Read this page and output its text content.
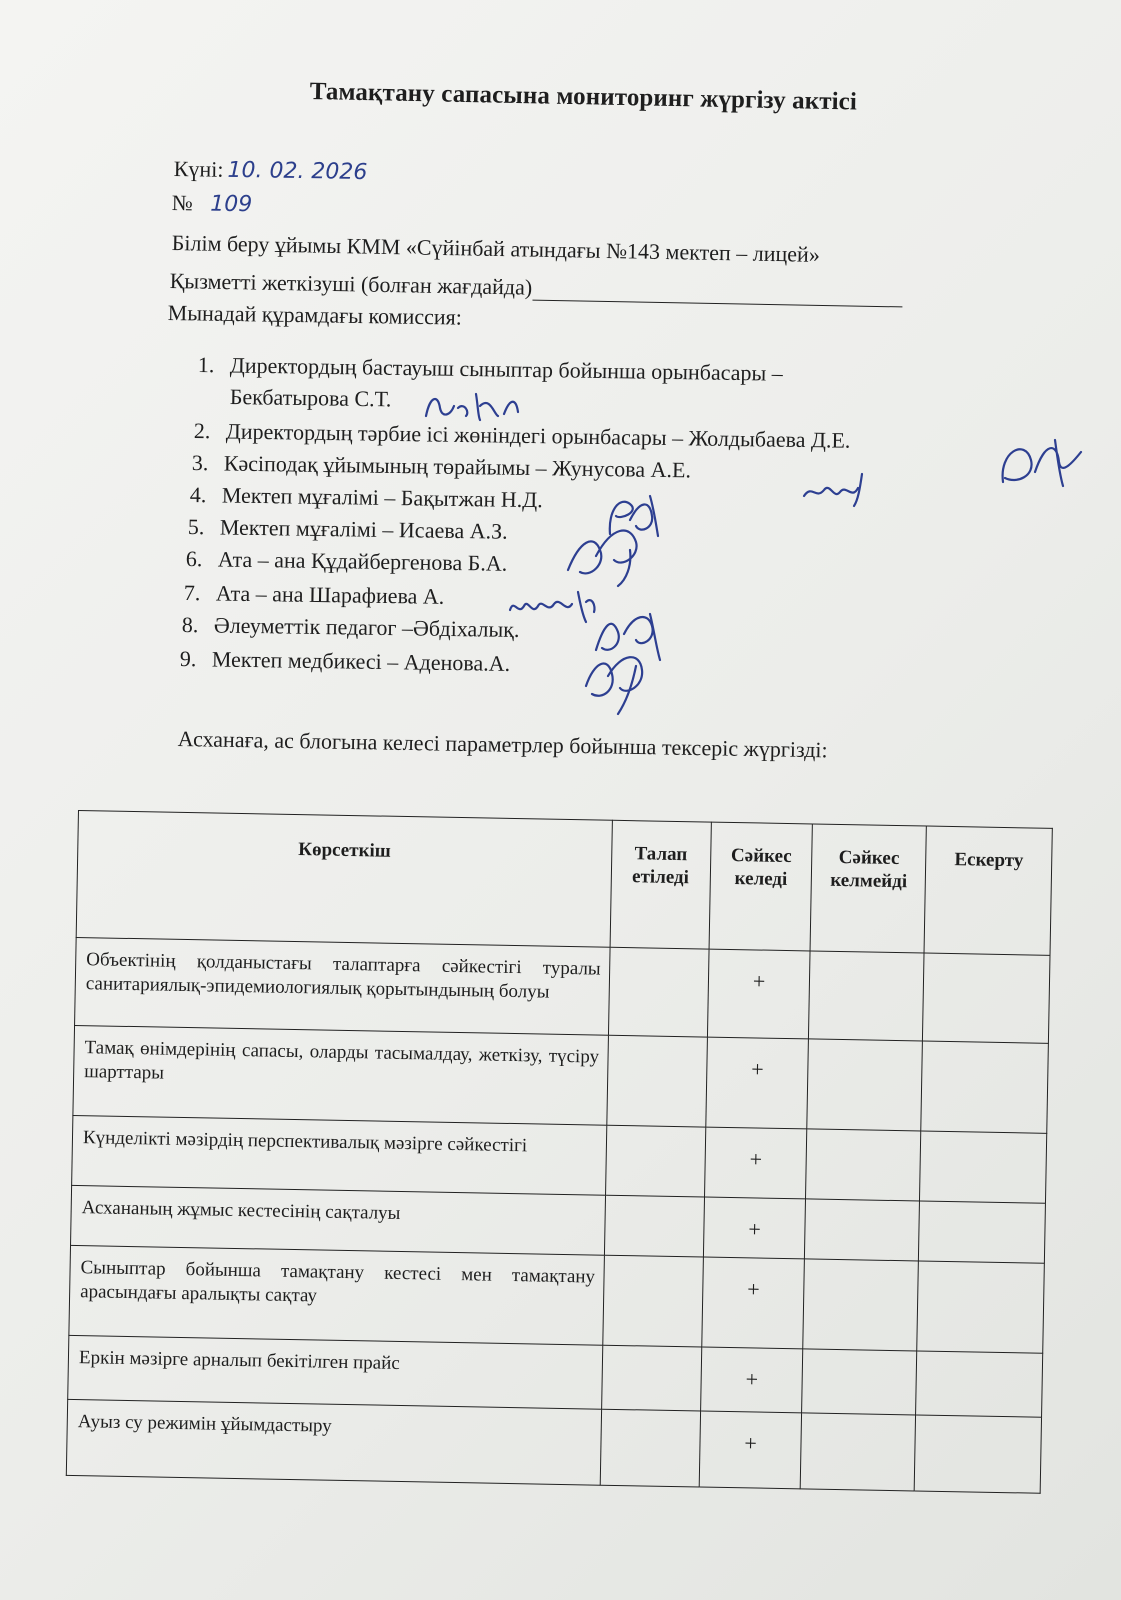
Тамақтану сапасына мониторинг жүргізу актісі
Күні: 10. 02. 2026
№ 109
Білім беру ұйымы КММ «Сүйінбай атындағы №143 мектеп – лицей»
Қызметті жеткізуші (болған жағдайда)
Мынадай құрамдағы комиссия:
1. Директордың бастауыш сыныптар бойынша орынбасары –
Бекбатырова С.Т.
2. Директордың тәрбие ісі жөніндегі орынбасары – Жолдыбаева Д.Е.
3. Кәсіподақ ұйымының төрайымы – Жунусова А.Е.
4. Мектеп мұғалімі – Бақытжан Н.Д.
5. Мектеп мұғалімі – Исаева А.З.
6. Ата – ана Құдайбергенова Б.А.
7. Ата – ана Шарафиева А.
8. Әлеуметтік педагог –Әбдіхалық.
9. Мектеп медбикесі – Аденова.А.
Асханаға, ас блогына келесі параметрлер бойынша тексеріс жүргізді:
Көрсеткіш	Талап етіледі	Сәйкес келеді	Сәйкес келмейді	Ескерту
Объектінің қолданыстағы талаптарға сәйкестігі туралы санитариялық-эпидемиологиялық қорытындының болуы		+		
Тамақ өнімдерінің сапасы, оларды тасымалдау, жеткізу, түсіру шарттары		+		
Күнделікті мәзірдің перспективалық мәзірге сәйкестігі		+		
Асхананың жұмыс кестесінің сақталуы		+		
Сыныптар бойынша тамақтану кестесі мен тамақтану арасындағы аралықты сақтау		+		
Еркін мәзірге арналып бекітілген прайс		+		
Ауыз су режимін ұйымдастыру		+		
